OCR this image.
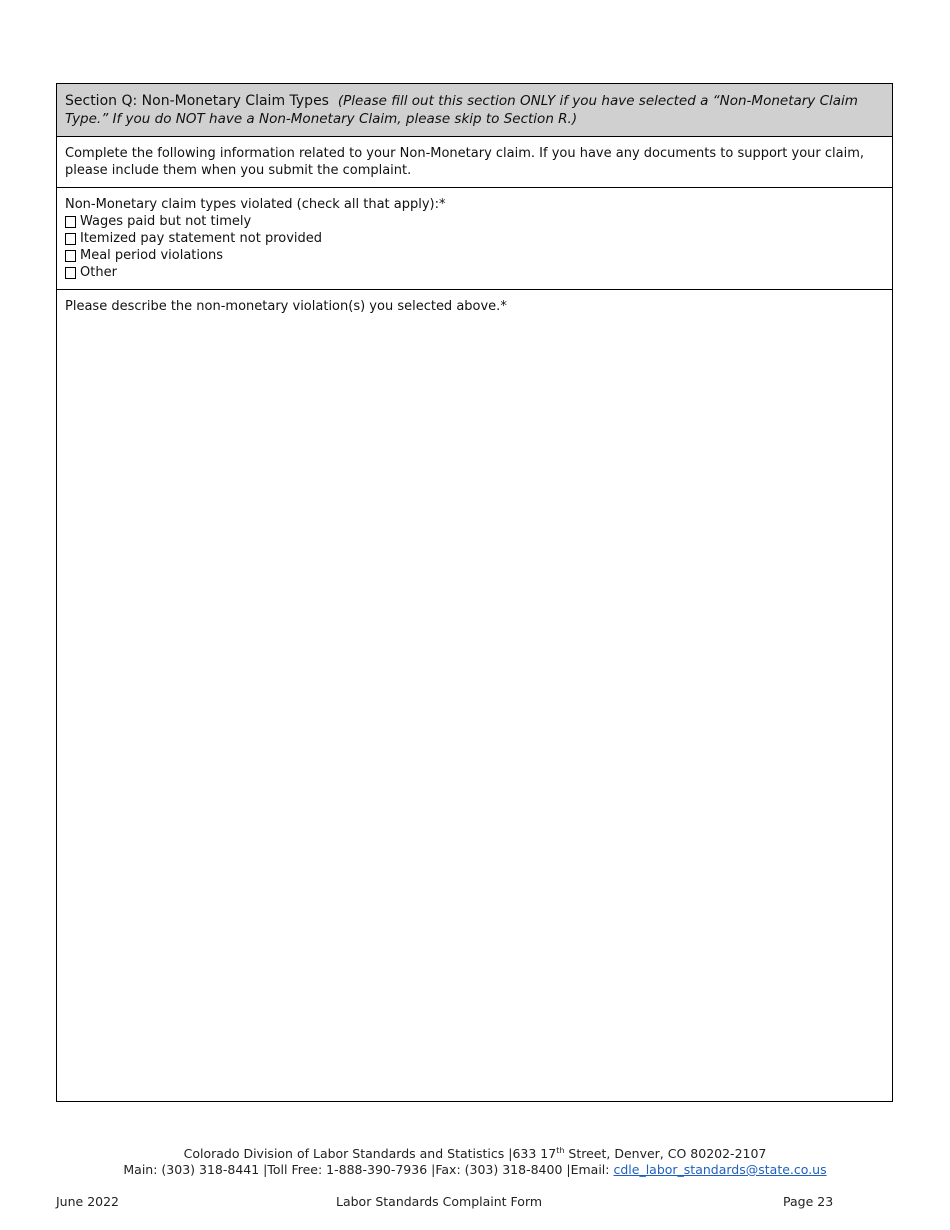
Section Q: Non-Monetary Claim Types (Please fill out this section ONLY if you have selected a “Non-Monetary Claim Type.” If you do NOT have a Non-Monetary Claim, please skip to Section R.)
Complete the following information related to your Non-Monetary claim. If you have any documents to support your claim, please include them when you submit the complaint.
Non-Monetary claim types violated (check all that apply):*
Wages paid but not timely
Itemized pay statement not provided
Meal period violations
Other
Please describe the non-monetary violation(s) you selected above.*
Colorado Division of Labor Standards and Statistics |633 17th Street, Denver, CO 80202-2107
Main: (303) 318-8441 |Toll Free: 1-888-390-7936 |Fax: (303) 318-8400 |Email: cdle_labor_standards@state.co.us
June 2022	Labor Standards Complaint Form	Page 23
